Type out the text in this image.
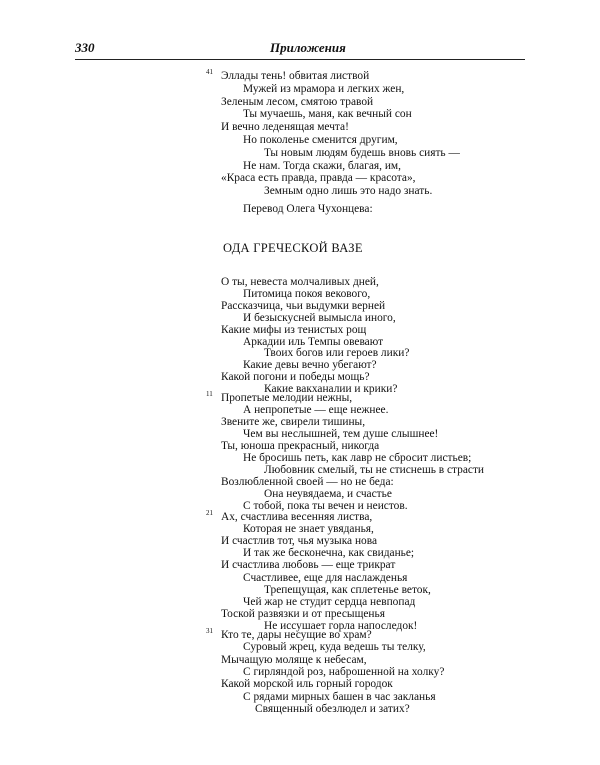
330	Приложения
41 Эллады тень! обвитая листвой
Мужей из мрамора и легких жен,
Зеленым лесом, смятою травой
Ты мучаешь, маня, как вечный сон
И вечно леденящая мечта!
Но поколенье сменится другим,
Ты новым людям будешь вновь сиять —
Не нам. Тогда скажи, благая, им,
«Краса есть правда, правда — красота»,
Земным одно лишь это надо знать.
Перевод Олега Чухонцева:
ОДА ГРЕЧЕСКОЙ ВАЗЕ
О ты, невеста молчаливых дней,
Питомица покоя векового,
Рассказчица, чьи выдумки верней
И безыскусней вымысла иного,
Какие мифы из тенистых рощ
Аркадии иль Темпы овевают
Твоих богов или героев лики?
Какие девы вечно убегают?
Какой погони и победы мощь?
Какие вакханалии и крики?
11 Пропетые мелодии нежны,
А непропетые — еще нежнее.
Звените же, свирели тишины,
Чем вы неслышней, тем душе слышнее!
Ты, юноша прекрасный, никогда
Не бросишь петь, как лавр не сбросит листьев;
Любовник смелый, ты не стиснешь в страсти
Возлюбленной своей — но не беда:
Она неувядаема, и счастье
С тобой, пока ты вечен и неистов.
21 Ах, счастлива весенняя листва,
Которая не знает увяданья,
И счастлив тот, чья музыка нова
И так же бесконечна, как свиданье;
И счастлива любовь — еще трикрат
Счастливее, еще для наслажденья
Трепещущая, как сплетенье веток,
Чей жар не студит сердца невпопад
Тоской развязки и от пресыщенья
Не иссушает горла напоследок!
31 Кто те, дары несущие во храм?
Суровый жрец, куда ведешь ты телку,
Мычащую моляще к небесам,
С гирляндой роз, наброшенной на холку?
Какой морской иль горный городок
С рядами мирных башен в час закланья
Священный обезлюдел и затих?
